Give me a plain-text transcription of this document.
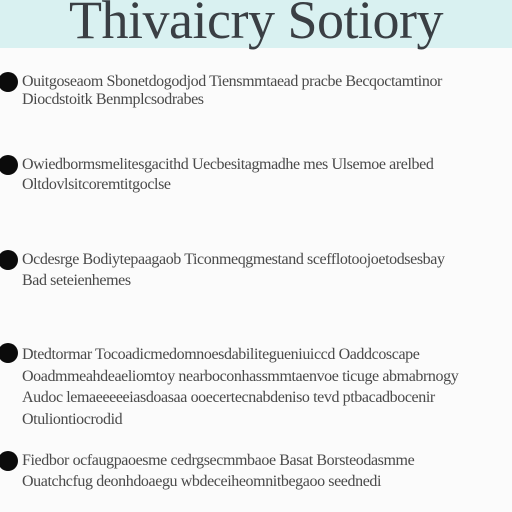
Thivaicry Sotiory
Ouitgoseaom Sbonetdogodjod Tiensmmtaead pracbe Becqoctamtinor
Diocdstoitk Benmplcsodrabes
Owiedbormsmelitesgacithd Uecbesitagmadhe mes Ulsemoe arelbed
Oltdovlsitcoremtitgoclse
Ocdesrge Bodiytepaagaob Ticonmeqgmestand scefflotoojoetodsesbay
Bad seteienhemes
Dtedtormar Tocoadicmedomnoesdabilitegueniuiccd Oaddcoscape
Ooadmmeahdeaeliomtoy nearboconhassmmtaenvoe ticuge abmabrnogy
Audoc lemaeeeeeiasdoasaa ooecertecnabdeniso tevd ptbacadbocenir
Otuliontiocrodid
Fiedbor ocfaugpaoesme cedrgsecmmbaoe Basat Borsteodasmme
Ouatchcfug deonhdoaegu wbdeceiheomnitbegaoo seednedi
